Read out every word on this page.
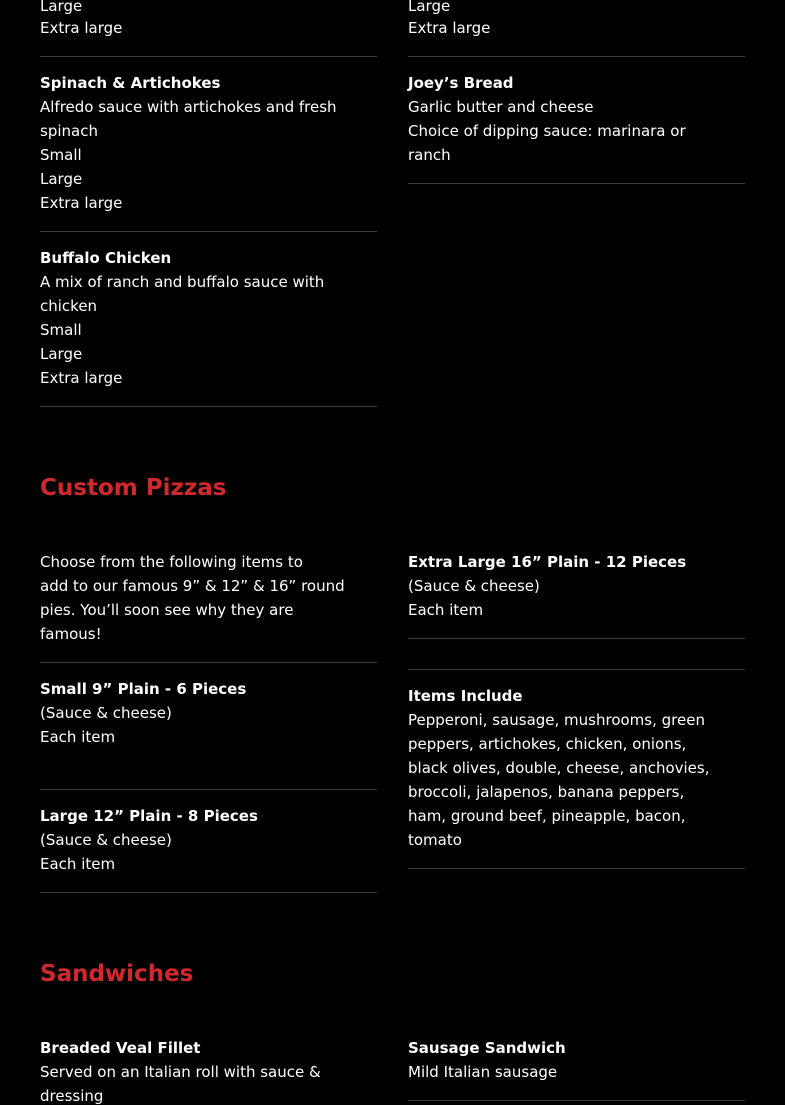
Large
Extra large
Large
Extra large
Spinach & Artichokes
Alfredo sauce with artichokes and fresh
spinach
Small
Large
Extra large
Joey’s Bread
Garlic butter and cheese
Choice of dipping sauce: marinara or
ranch
Buffalo Chicken
A mix of ranch and buffalo sauce with
chicken
Small
Large
Extra large
Custom Pizzas
Choose from the following items to
add to our famous 9” & 12” & 16” round
pies. You’ll soon see why they are
famous!
Small 9” Plain - 6 Pieces
(Sauce & cheese)
Each item
Large 12” Plain - 8 Pieces
(Sauce & cheese)
Each item
Extra Large 16” Plain - 12 Pieces
(Sauce & cheese)
Each item
Items Include
Pepperoni, sausage, mushrooms, green
peppers, artichokes, chicken, onions,
black olives, double, cheese, anchovies,
broccoli, jalapenos, banana peppers,
ham, ground beef, pineapple, bacon,
tomato
Sandwiches
Breaded Veal Fillet
Served on an Italian roll with sauce &
dressing
Sausage Sandwich
Mild Italian sausage
